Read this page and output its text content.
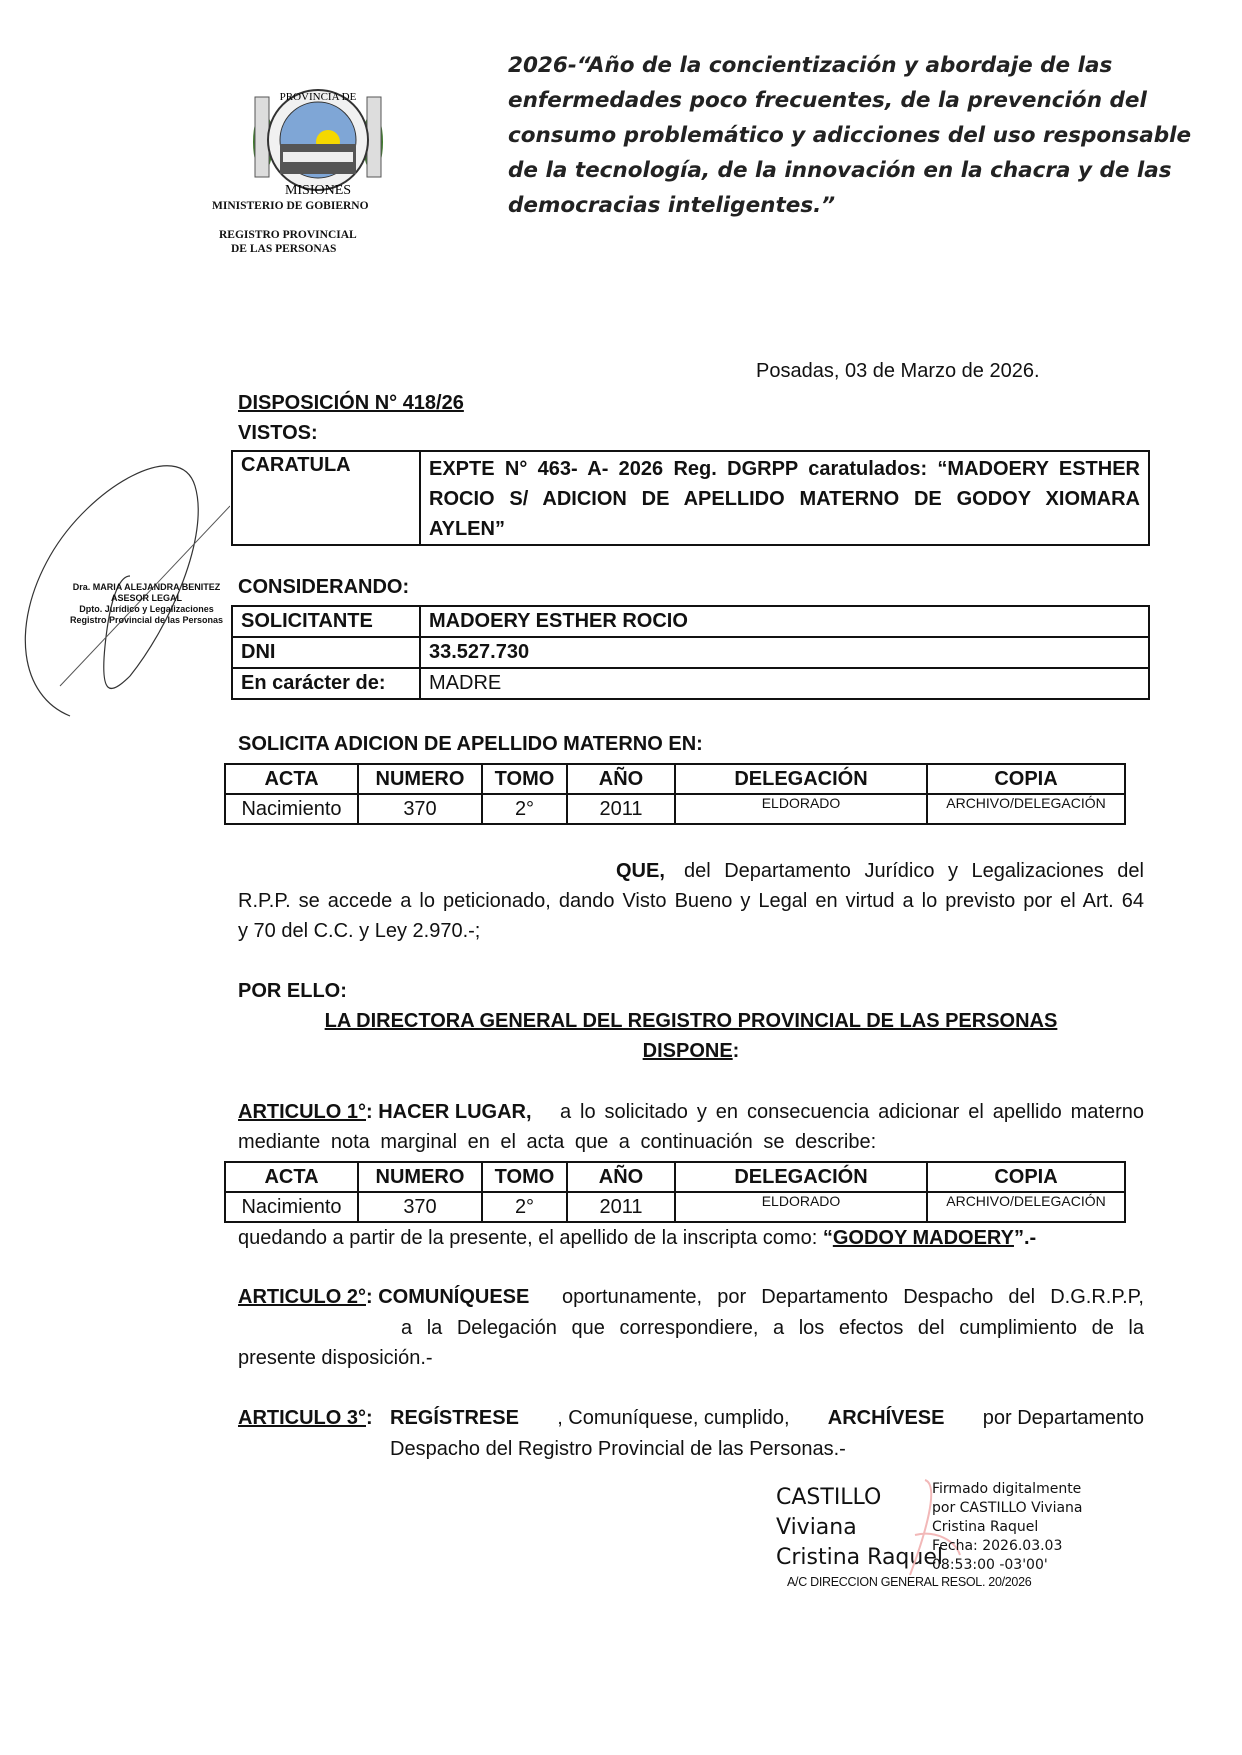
PROVINCIA DE
MISIONES
MINISTERIO DE GOBIERNO
REGISTRO PROVINCIAL
DE LAS PERSONAS
2026-“Año de la concientización y abordaje de las
enfermedades poco frecuentes, de la prevención del
consumo problemático y adicciones del uso responsable
de la tecnología, de la innovación en la chacra y de las
democracias inteligentes.”
Posadas, 03 de Marzo de 2026.
DISPOSICIÓN N° 418/26
VISTOS:
Dra. MARIA ALEJANDRA BENITEZ
ASESOR LEGAL
Dpto. Jurídico y Legalizaciones
Registro Provincial de las Personas
CARATULA	EXPTE N° 463- A- 2026 Reg. DGRPP caratulados: “MADOERY ESTHER
ROCIO S/ ADICION DE APELLIDO MATERNO DE GODOY XIOMARA
AYLEN”
CONSIDERANDO:
SOLICITANTE	MADOERY ESTHER ROCIO
DNI	33.527.730
En carácter de:	MADRE
SOLICITA ADICION DE APELLIDO MATERNO EN:
ACTA	NUMERO	TOMO	AÑO	DELEGACIÓN	COPIA
Nacimiento	370	2°	2011	ELDORADO	ARCHIVO/DELEGACIÓN
QUE, del Departamento Jurídico y Legalizaciones del
R.P.P. se accede a lo peticionado, dando Visto Bueno y Legal en virtud a lo previsto por el Art. 64
y 70 del C.C. y Ley 2.970.-;
POR ELLO:
LA DIRECTORA GENERAL DEL REGISTRO PROVINCIAL DE LAS PERSONAS
DISPONE:
ARTICULO 1°: HACER LUGAR, a lo solicitado y en consecuencia adicionar el apellido materno
mediante nota marginal en el acta que a continuación se describe:
ACTA	NUMERO	TOMO	AÑO	DELEGACIÓN	COPIA
Nacimiento	370	2°	2011	ELDORADO	ARCHIVO/DELEGACIÓN
quedando a partir de la presente, el apellido de la inscripta como: “GODOY MADOERY”.-
ARTICULO 2°: COMUNÍQUESE oportunamente, por Departamento Despacho del D.G.R.P.P,
a la Delegación que correspondiere, a los efectos del cumplimiento de la
presente disposición.-
ARTICULO 3°: REGÍSTRESE , Comuníquese, cumplido, ARCHÍVESE por Departamento
Despacho del Registro Provincial de las Personas.-
CASTILLO
Viviana
Cristina Raquel
Firmado digitalmente
por CASTILLO Viviana
Cristina Raquel
Fecha: 2026.03.03
08:53:00 -03'00'
A/C DIRECCION GENERAL RESOL. 20/2026
